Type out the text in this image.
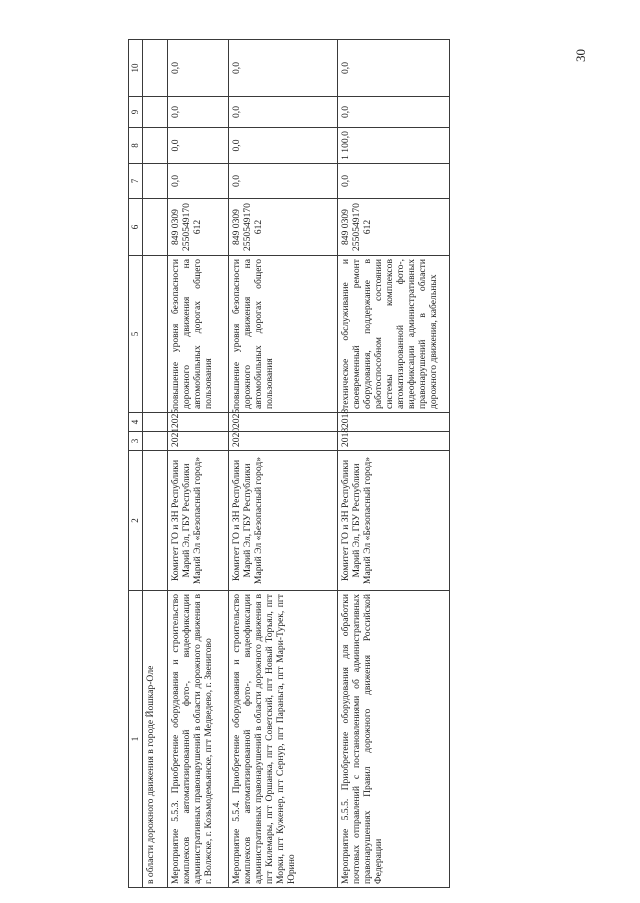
30
1	2	3	4	5	6	7	8	9	10
в области дорожного движения в городе Йошкар-Оле									
Мероприятие 5.5.3. Приобретение оборудования и строительство комплексов автоматизированной фото-, видеофиксации административных правонарушений в области дорожного движения в г. Волжске, г. Козьмодемьянске, пгт Медведево, г. Звенигово	Комитет ГО и ЗН Республики Марий Эл, ГБУ Республики Марий Эл «Безопасный город»	2021	2025	повышение уровня безопасности дорожного движения на автомобильных дорогах общего пользования	849 0309 2550549170 612	0,0	0,0	0,0	0,0
Мероприятие 5.5.4. Приобретение оборудования и строительство комплексов автоматизированной фото-, видеофиксации административных правонарушений в области дорожного движения в пгт Килемары, пгт Оршанка, пгт Советский, пгт Новый Торъял, пгт Морки, пгт Куженер, пгт Сернур, пгт Параньга, пгт Мари-Турек, пгт Юрино	Комитет ГО и ЗН Республики Марий Эл, ГБУ Республики Марий Эл «Безопасный город»	2020	2025	повышение уровня безопасности дорожного движения на автомобильных дорогах общего пользования	849 0309 2550549170 612	0,0	0,0	0,0	0,0
Мероприятие 5.5.5. Приобретение оборудования для обработки почтовых отправлений с постановлениями об административных правонарушениях Правил дорожного движения Российской Федерации	Комитет ГО и ЗН Республики Марий Эл, ГБУ Республики Марий Эл «Безопасный город»	2018	2018	техническое обслуживание и своевременный ремонт оборудования, поддержание в работоспособном состоянии системы комплексов автоматизированной фото-, видеофиксации административных правонарушений в области дорожного движения, кабельных	849 0309 2550549170 612	0,0	1 100,0	0,0	0,0
